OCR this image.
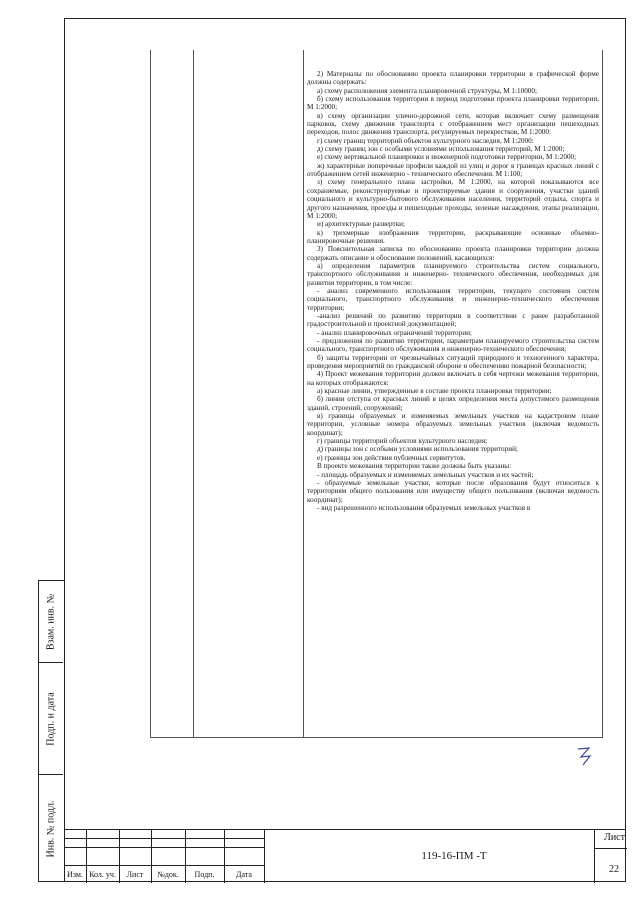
Взам. инв. №
Подп. и дата
Инв. № подл.

2) Материалы по обоснованию проекта планировки территории в графической форме должны содержать:

а) схему расположения элемента планировочной структуры, М 1:10000;

б) схему использования территории в период подготовки проекта планировки территории, М 1:2000;

в) схему организации улично-дорожной сети, которая включает схему размещения парковок, схему движения транспорта с отображением мест организации пешеходных переходов, полос движения транспорта, регулируемых перекрестков, М 1:2000:

г) схему границ территорий объектов культурного наследия, М 1:2000:

д) схему границ зон с особыми условиями использования территорий, М 1:2000;

е) схему вертикальной планировки и инженерной подготовки территории, М 1:2000;

ж) характерные поперечные профили каждой из улиц и дорог в границах красных линий с отображением сетей инженерно - технического обеспечения. М 1:100;

з) схему генерального плана застройки, М 1:2000, на которой показываются все сохраняемые, реконструируемые и проектируемые здания и сооружения, участки зданий социального и культурно-бытового обслуживания населения, территорий отдыха, спорта и другого назначения, проезды и пешеходные проходы, зеленые насаждения, этапы реализации, М 1:2000;

и) архитектурные развертки;

к) трехмерные изображения территории, раскрывающие основные объемно-планировочные решения.

3) Пояснительная записка по обоснованию проекта планировки территории должна содержать описание и обоснование положений, касающихся:

а) определения параметров планируемого строительства систем социального, транспортного обслуживания и инженерно- технического обеспечения, необходимых для развития территории, в том числе:

- анализ современного использования территории, текущего состояния систем социального, транспортного обслуживания и инженерно-технического обеспечения территории;

-анализ решений по развитию территории в соответствии с ранее разработанной градостроительной и проектной документацией;

- анализ планировочных ограничений территории;

- предложения по развитию территории, параметрам планируемого строительства систем социального, транспортного обслуживания и инженерно-технического обеспечения;

б) защиты территории от чрезвычайных ситуаций природного и техногенного характера, проведения мероприятий по гражданской обороне и обеспечению пожарной безопасности;

4) Проект межевания территории должен включать в себя чертежи межевания территории, на которых отображаются:

а) красные линии, утвержденные в составе проекта планировки территории;

б) линии отступа от красных линий в целях определения места допустимого размещения зданий, строений, сооружений;

в) границы образуемых и изменяемых земельных участков на кадастровом плане территории, условные номера образуемых земельных участков (включая ведомость координат);

г) границы территорий объектов культурного наследия;

д) границы зон с особыми условиями использования территорий;

е) границы зон действия публичных сервитутов.

В проекте межевания территории также должны быть указаны:

- площадь образуемых и изменяемых земельных участков и их частей;

- образуемые земельные участки, которые после образования будут относиться к территориям общего пользования или имуществу общего пользования (включая ведомость координат);

- вид разрешенного использования образуемых земельных участков в

Изм. Кол. уч.	Лист	№док.	Подп.	Дата
119-16-ПМ -Т
Лист
22
